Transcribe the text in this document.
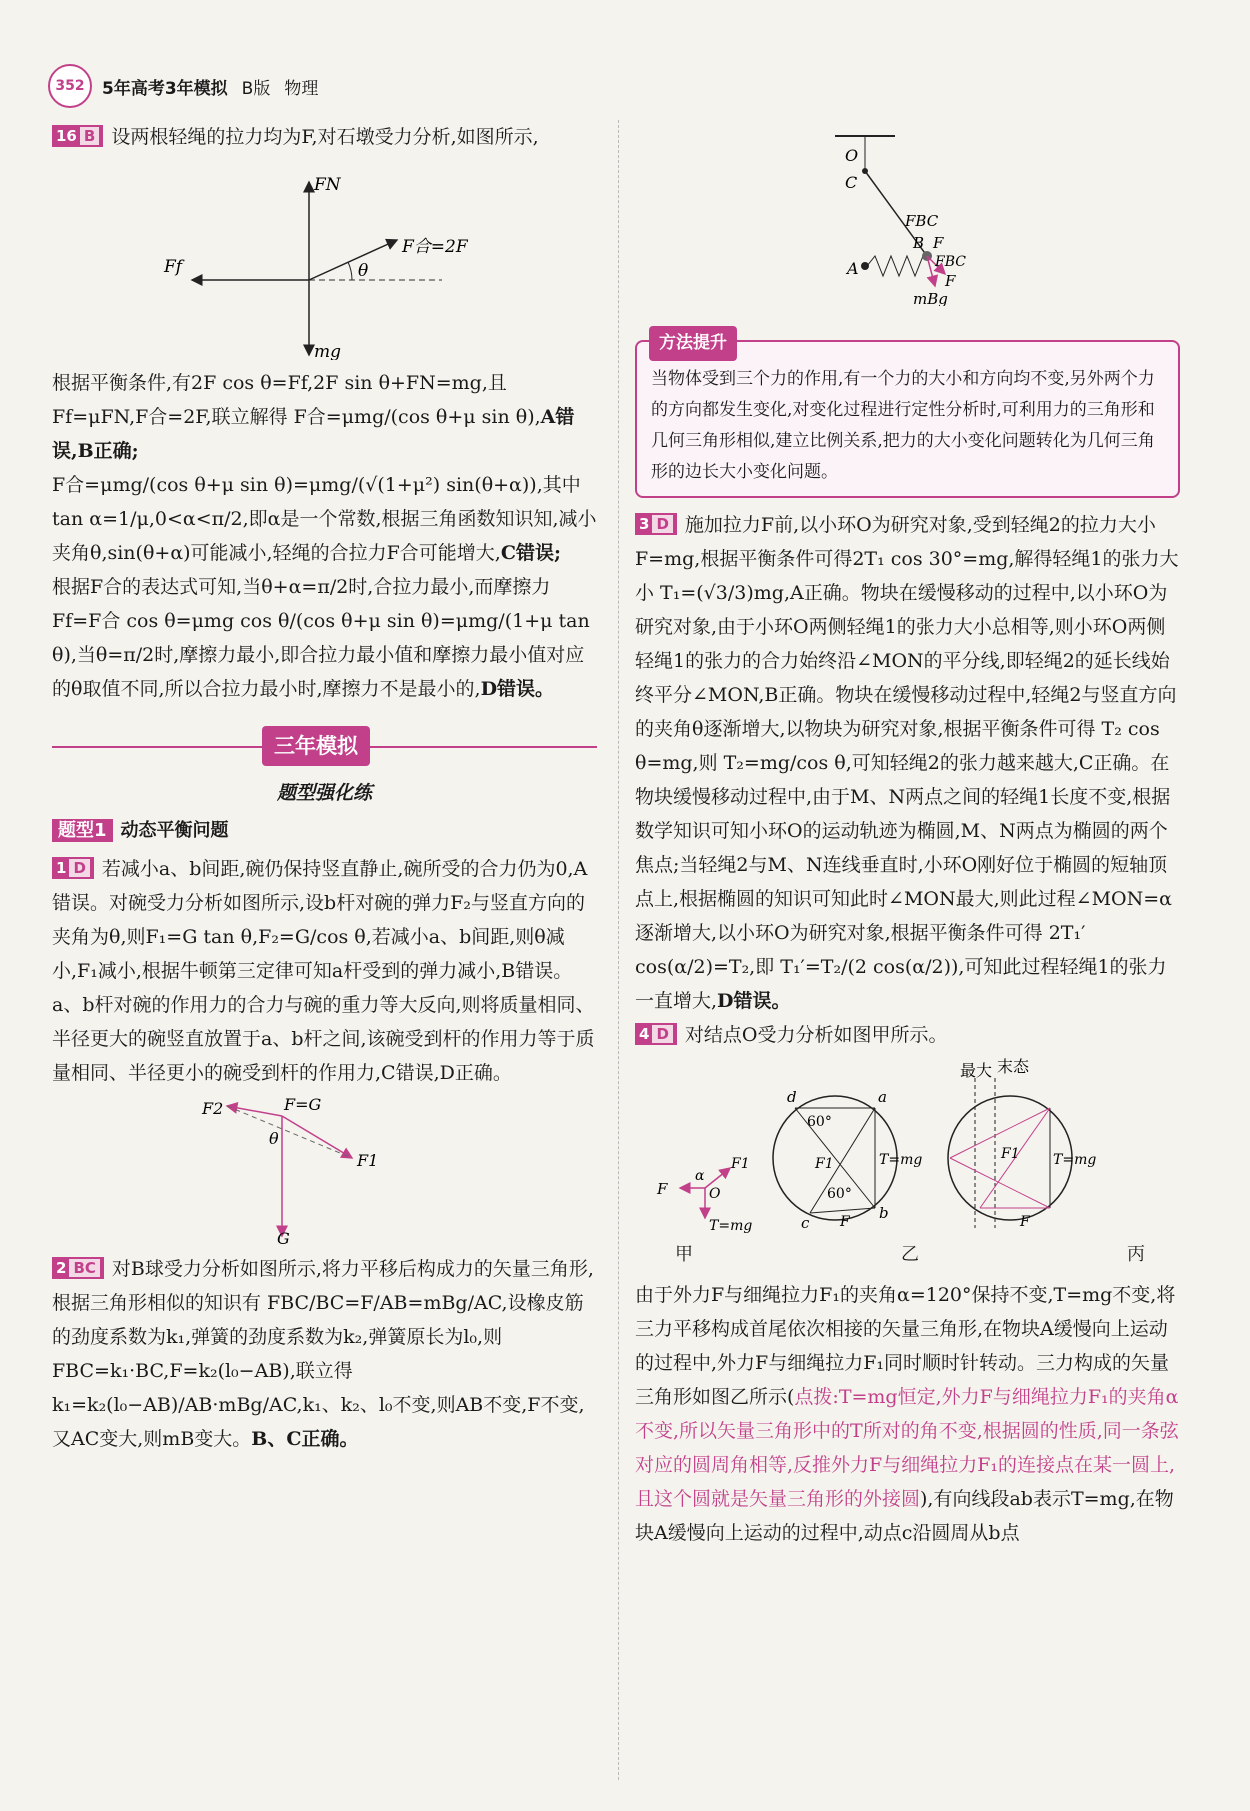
352	5年高考3年模拟 B版 物理

16 B 设两根轻绳的拉力均为F,对石墩受力分析,如图所示,

FN
Ff
F合=2F
θ
mg

根据平衡条件,有2F cos θ=Ff,2F sin θ+FN=mg,且Ff=μFN,F合=2F,联立解得 F合=μmg/(cos θ+μ sin θ),A错误,B正确;

F合=μmg/(cos θ+μ sin θ)=μmg/(√(1+μ²) sin(θ+α)),其中 tan α=1/μ,0<α<π/2,即α是一个常数,根据三角函数知识知,减小夹角θ,sin(θ+α)可能减小,轻绳的合拉力F合可能增大,C错误;

根据F合的表达式可知,当θ+α=π/2时,合拉力最小,而摩擦力 Ff=F合 cos θ=μmg cos θ/(cos θ+μ sin θ)=μmg/(1+μ tan θ),当θ=π/2时,摩擦力最小,即合拉力最小值和摩擦力最小值对应的θ取值不同,所以合拉力最小时,摩擦力不是最小的,D错误。

三年模拟
题型强化练
题型1 动态平衡问题

1 D 若减小a、b间距,碗仍保持竖直静止,碗所受的合力仍为0,A错误。对碗受力分析如图所示,设b杆对碗的弹力F₂与竖直方向的夹角为θ,则F₁=G tan θ,F₂=G/cos θ,若减小a、b间距,则θ减小,F₁减小,根据牛顿第三定律可知a杆受到的弹力减小,B错误。a、b杆对碗的作用力的合力与碗的重力等大反向,则将质量相同、半径更大的碗竖直放置于a、b杆之间,该碗受到杆的作用力等于质量相同、半径更小的碗受到杆的作用力,C错误,D正确。

F2	F=G
θ
F1
G

2 BC 对B球受力分析如图所示,将力平移后构成力的矢量三角形,根据三角形相似的知识有 FBC/BC=F/AB=mBg/AC,设橡皮筋的劲度系数为k₁,弹簧的劲度系数为k₂,弹簧原长为l₀,则FBC=k₁·BC,F=k₂(l₀−AB),联立得 k₁=k₂(l₀−AB)/AB·mBg/AC,k₁、k₂、l₀不变,则AB不变,F不变,又AC变大,则mB变大。B、C正确。

O
C
FBC
B F
FBC
F
A
mBg
方法提升

当物体受到三个力的作用,有一个力的大小和方向均不变,另外两个力的方向都发生变化,对变化过程进行定性分析时,可利用力的三角形和几何三角形相似,建立比例关系,把力的大小变化问题转化为几何三角形的边长大小变化问题。

3 D 施加拉力F前,以小环O为研究对象,受到轻绳2的拉力大小F=mg,根据平衡条件可得2T₁ cos 30°=mg,解得轻绳1的张力大小 T₁=(√3/3)mg,A正确。物块在缓慢移动的过程中,以小环O为研究对象,由于小环O两侧轻绳1的张力大小总相等,则小环O两侧轻绳1的张力的合力始终沿∠MON的平分线,即轻绳2的延长线始终平分∠MON,B正确。物块在缓慢移动过程中,轻绳2与竖直方向的夹角θ逐渐增大,以物块为研究对象,根据平衡条件可得 T₂ cos θ=mg,则 T₂=mg/cos θ,可知轻绳2的张力越来越大,C正确。在物块缓慢移动过程中,由于M、N两点之间的轻绳1长度不变,根据数学知识可知小环O的运动轨迹为椭圆,M、N两点为椭圆的两个焦点;当轻绳2与M、N连线垂直时,小环O刚好位于椭圆的短轴顶点上,根据椭圆的知识可知此时∠MON最大,则此过程∠MON=α逐渐增大,以小环O为研究对象,根据平衡条件可得 2T₁′ cos(α/2)=T₂,即 T₁′=T₂/(2 cos(α/2)),可知此过程轻绳1的张力一直增大,D错误。

4 D 对结点O受力分析如图甲所示。

最大 末态
F
α
O
F1
T=mg
d	a
60°
F1	T=mg
60°
c F b
F1 T=mg
F
甲	乙	丙

由于外力F与细绳拉力F₁的夹角α=120°保持不变,T=mg不变,将三力平移构成首尾依次相接的矢量三角形,在物块A缓慢向上运动的过程中,外力F与细绳拉力F₁同时顺时针转动。三力构成的矢量三角形如图乙所示(点拨:T=mg恒定,外力F与细绳拉力F₁的夹角α不变,所以矢量三角形中的T所对的角不变,根据圆的性质,同一条弦对应的圆周角相等,反推外力F与细绳拉力F₁的连接点在某一圆上,且这个圆就是矢量三角形的外接圆),有向线段ab表示T=mg,在物块A缓慢向上运动的过程中,动点c沿圆周从b点
